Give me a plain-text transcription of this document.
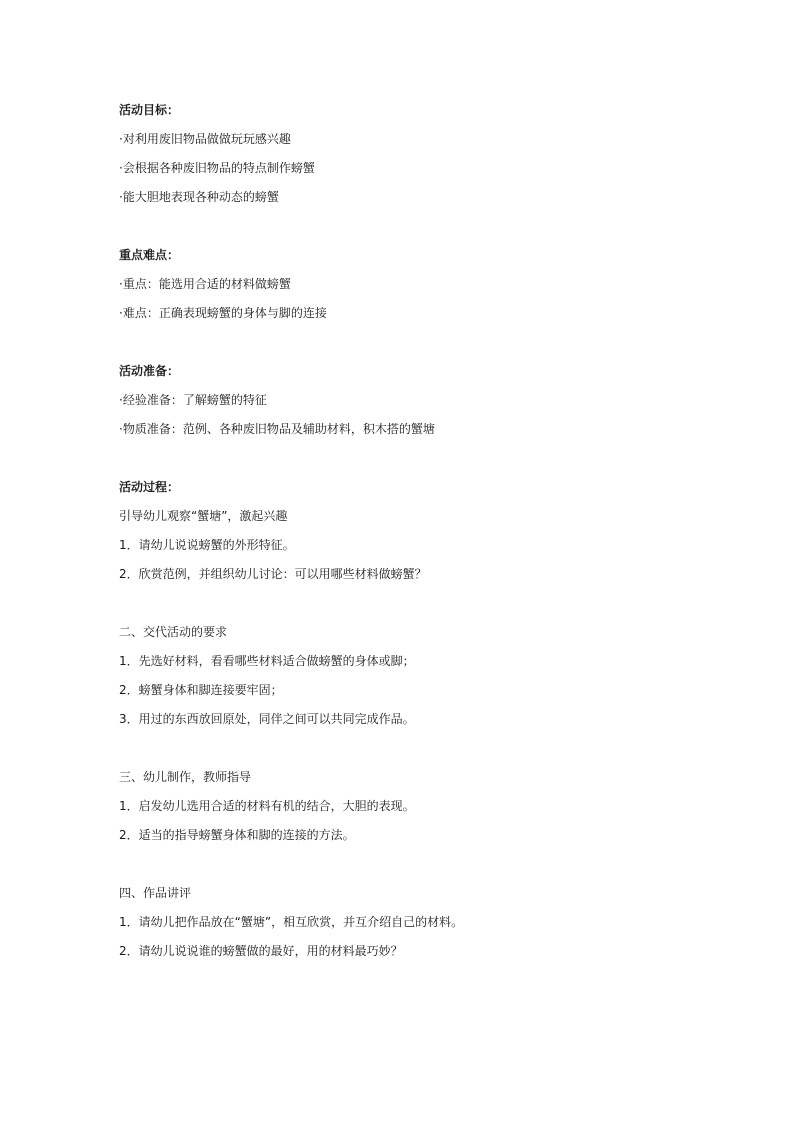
活动目标：
·对利用废旧物品做做玩玩感兴趣
·会根据各种废旧物品的特点制作螃蟹
·能大胆地表现各种动态的螃蟹
重点难点：
·重点：能选用合适的材料做螃蟹
·难点：正确表现螃蟹的身体与脚的连接
活动准备：
·经验准备：了解螃蟹的特征
·物质准备：范例、各种废旧物品及辅助材料，积木搭的蟹塘
活动过程：
引导幼儿观察“蟹塘”，激起兴趣
1．请幼儿说说螃蟹的外形特征。
2．欣赏范例，并组织幼儿讨论：可以用哪些材料做螃蟹？
二、交代活动的要求
1．先选好材料，看看哪些材料适合做螃蟹的身体或脚；
2．螃蟹身体和脚连接要牢固；
3．用过的东西放回原处，同伴之间可以共同完成作品。
三、幼儿制作，教师指导
1．启发幼儿选用合适的材料有机的结合，大胆的表现。
2．适当的指导螃蟹身体和脚的连接的方法。
四、作品讲评
1．请幼儿把作品放在“蟹塘”，相互欣赏，并互介绍自己的材料。
2．请幼儿说说谁的螃蟹做的最好，用的材料最巧妙？
